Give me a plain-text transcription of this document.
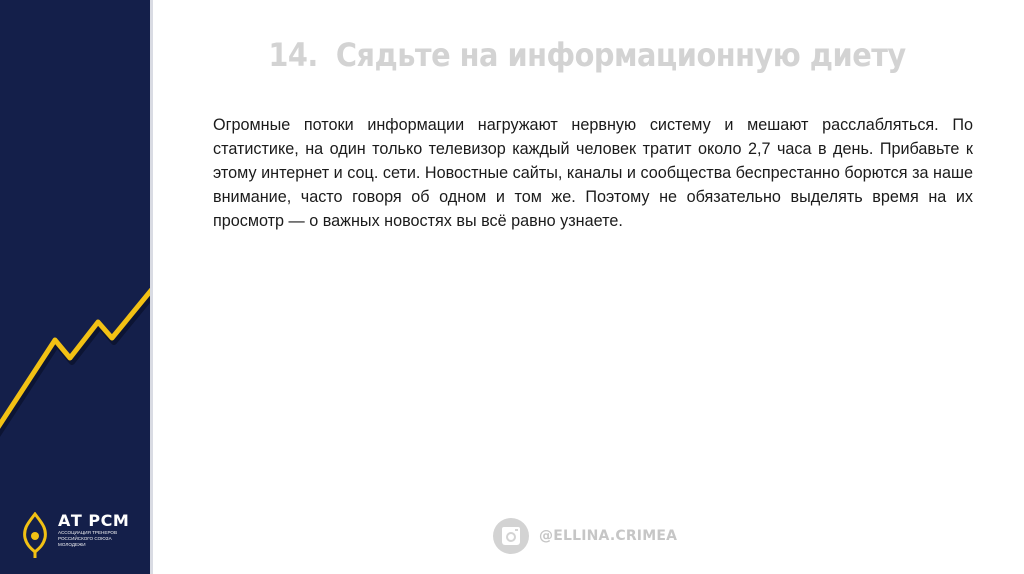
АТ РСМ
АССОЦИАЦИЯ ТРЕНЕРОВ РОССИЙСКОГО СОЮЗА МОЛОДЕЖИ
14. Сядьте на информационную диету

Огромные потоки информации нагружают нервную систему и мешают расслабляться. По статистике, на один только телевизор каждый человек тратит около 2,7 часа в день. Прибавьте к этому интернет и соц. сети. Новостные сайты, каналы и сообщества беспрестанно борются за наше внимание, часто говоря об одном и том же. Поэтому не обязательно выделять время на их просмотр — о важных новостях вы всё равно узнаете.

@ELLINA.CRIMEA
